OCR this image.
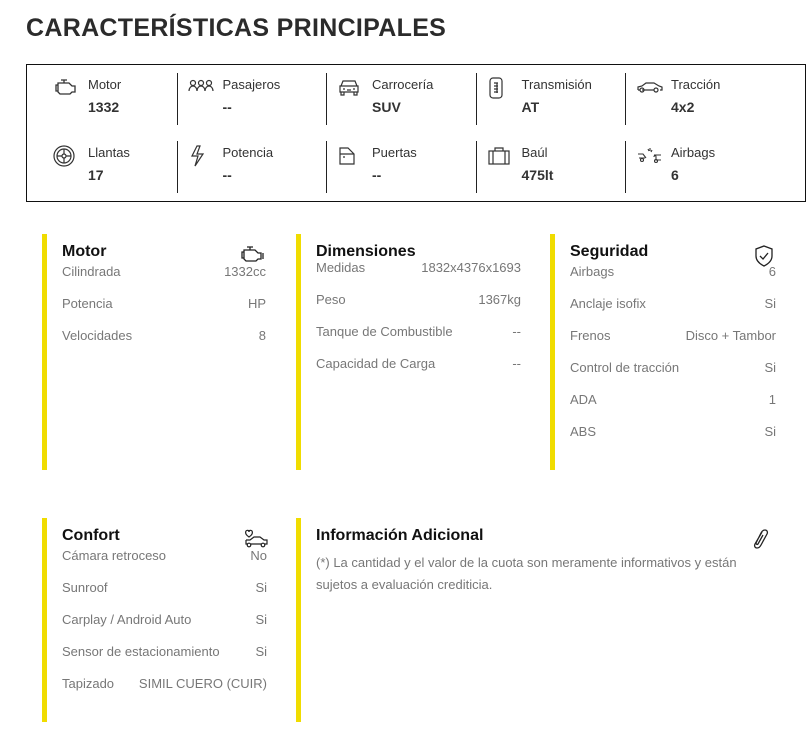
CARACTERÍSTICAS PRINCIPALES
Motor
1332
Pasajeros
--
Carrocería
SUV
Transmisión
AT
Tracción
4x2
Llantas
17
Potencia
--
Puertas
--
Baúl
475lt
Airbags
6
Motor
Cilindrada	1332cc
Potencia	HP
Velocidades	8
Dimensiones
Medidas	1832x4376x1693
Peso	1367kg
Tanque de Combustible	--
Capacidad de Carga	--
Seguridad
Airbags	6
Anclaje isofix	Si
Frenos	Disco + Tambor
Control de tracción	Si
ADA	1
ABS	Si
Confort
Cámara retroceso	No
Sunroof	Si
Carplay / Android Auto	Si
Sensor de estacionamiento	Si
Tapizado SIMIL CUERO (CUIR)
Información Adicional

(*) La cantidad y el valor de la cuota son meramente informativos y están sujetos a evaluación crediticia.
